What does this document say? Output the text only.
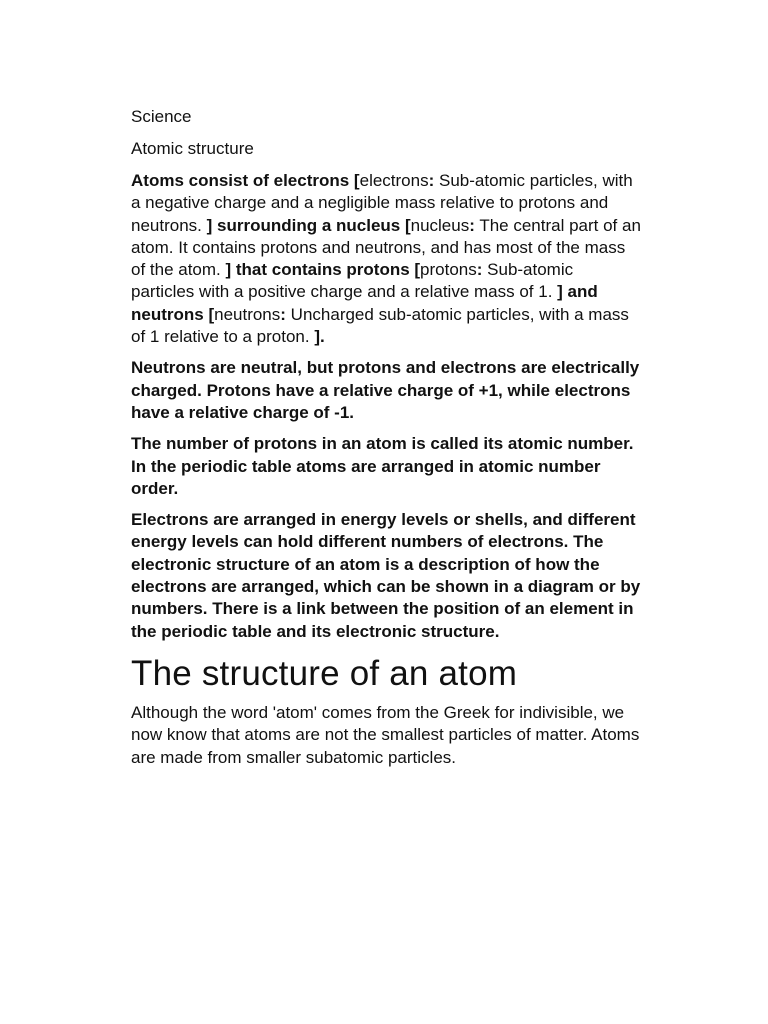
Science
Atomic structure

Atoms consist of electrons [electrons: Sub-atomic particles, with a negative charge and a negligible mass relative to protons and neutrons. ] surrounding a nucleus [nucleus: The central part of an atom. It contains protons and neutrons, and has most of the mass of the atom. ] that contains protons [protons: Sub-atomic particles with a positive charge and a relative mass of 1. ] and neutrons [neutrons: Uncharged sub-atomic particles, with a mass of 1 relative to a proton. ].

Neutrons are neutral, but protons and electrons are electrically charged. Protons have a relative charge of +1, while electrons have a relative charge of -1.

The number of protons in an atom is called its atomic number. In the periodic table atoms are arranged in atomic number order.

Electrons are arranged in energy levels or shells, and different energy levels can hold different numbers of electrons. The electronic structure of an atom is a description of how the electrons are arranged, which can be shown in a diagram or by numbers. There is a link between the position of an element in the periodic table and its electronic structure.

The structure of an atom

Although the word 'atom' comes from the Greek for indivisible, we now know that atoms are not the smallest particles of matter. Atoms are made from smaller subatomic particles.
